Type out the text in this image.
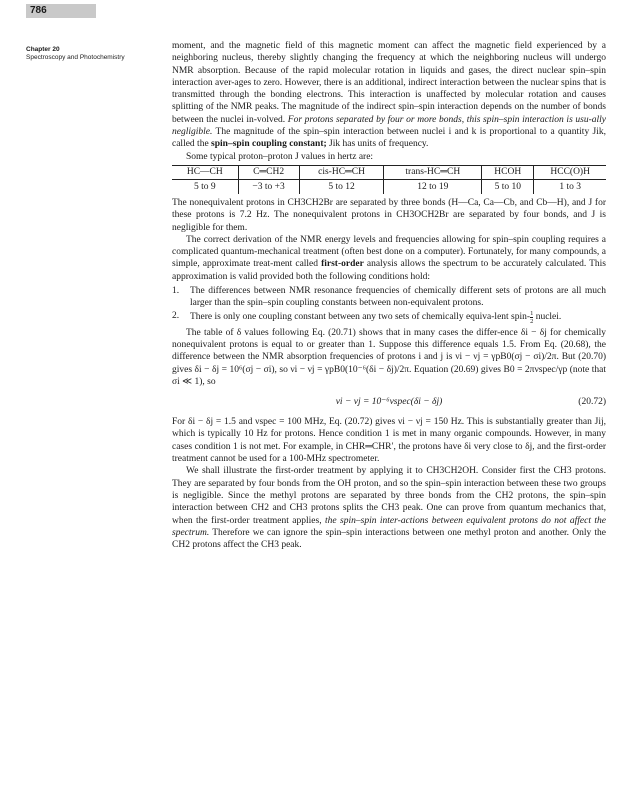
786
Chapter 20
Spectroscopy and Photochemistry

moment, and the magnetic field of this magnetic moment can affect the magnetic field experienced by a neighboring nucleus, thereby slightly changing the frequency at which the neighboring nucleus will undergo NMR absorption. Because of the rapid molecular rotation in liquids and gases, the direct nuclear spin–spin interaction aver-ages to zero. However, there is an additional, indirect interaction between the nuclear spins that is transmitted through the bonding electrons. This interaction is unaffected by molecular rotation and causes splitting of the NMR peaks. The magnitude of the indirect spin–spin interaction depends on the number of bonds between the nuclei in-volved. For protons separated by four or more bonds, this spin–spin interaction is usu-ally negligible. The magnitude of the spin–spin interaction between nuclei i and k is proportional to a quantity Jik, called the spin–spin coupling constant; Jik has units of frequency.

Some typical proton–proton J values in hertz are:

HC—CH	C═CH2	cis-HC═CH	trans-HC═CH	HCOH	HCC(O)H
5 to 9	−3 to +3	5 to 12	12 to 19	5 to 10	1 to 3

The nonequivalent protons in CH3CH2Br are separated by three bonds (H—Ca, Ca—Cb, and Cb—H), and J for these protons is 7.2 Hz. The nonequivalent protons in CH3OCH2Br are separated by four bonds, and J is negligible for them.

The correct derivation of the NMR energy levels and frequencies allowing for spin–spin coupling requires a complicated quantum-mechanical treatment (often best done on a computer). Fortunately, for many compounds, a simple, approximate treat-ment called first-order analysis allows the spectrum to be accurately calculated. This approximation is valid provided both the following conditions hold:

1. The differences between NMR resonance frequencies of chemically different sets of protons are all much larger than the spin–spin coupling constants between non-equivalent protons.
2. There is only one coupling constant between any two sets of chemically equiva-lent spin- $\frac{1}{2}$ nuclei.

The table of δ values following Eq. (20.71) shows that in many cases the differ-ence δi − δj for chemically nonequivalent protons is equal to or greater than 1. Suppose this difference equals 1.5. From Eq. (20.68), the difference between the NMR absorption frequencies of protons i and j is νi − νj = γpB0(σj − σi)/2π. But (20.70) gives δi − δj = 10⁶(σj − σi), so νi − νj = γpB0(10⁻⁶(δi − δj)/2π. Equation (20.69) gives B0 = 2πνspec/γp (note that σi ≪ 1), so

νi − νj = 10⁻⁶νspec(δi − δj)	(20.72)

For δi − δj = 1.5 and νspec = 100 MHz, Eq. (20.72) gives νi − νj = 150 Hz. This is substantially greater than Jij, which is typically 10 Hz for protons. Hence condition 1 is met in many organic compounds. However, in many cases condition 1 is not met. For example, in CHR═CHR′, the protons have δi very close to δj, and the first-order treatment cannot be used for a 100-MHz spectrometer.

We shall illustrate the first-order treatment by applying it to CH3CH2OH. Consider first the CH3 protons. They are separated by four bonds from the OH proton, and so the spin–spin interaction between these two groups is negligible. Since the methyl protons are separated by three bonds from the CH2 protons, the spin–spin interaction between CH2 and CH3 protons splits the CH3 peak. One can prove from quantum mechanics that, when the first-order treatment applies, the spin–spin inter-actions between equivalent protons do not affect the spectrum. Therefore we can ignore the spin–spin interactions between one methyl proton and another. Only the CH2 protons affect the CH3 peak.
